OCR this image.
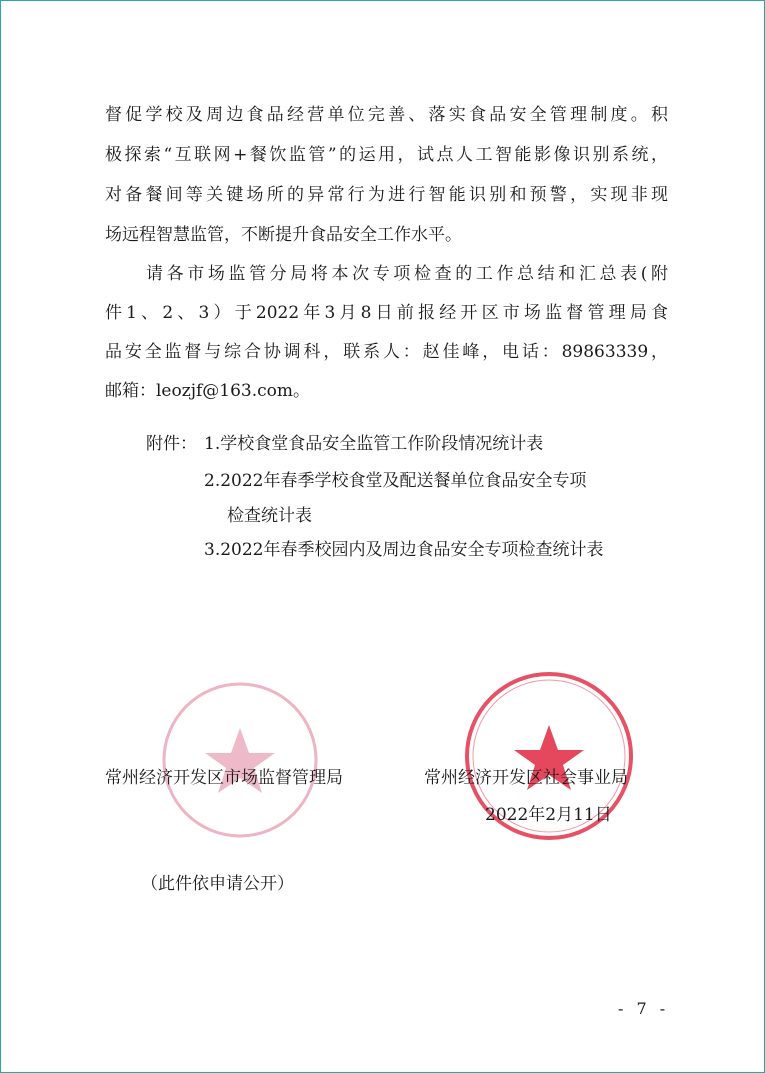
督促学校及周边食品经营单位完善、落实食品安全管理制度。积
极探索“互联网+餐饮监管”的运用，试点人工智能影像识别系统，
对备餐间等关键场所的异常行为进行智能识别和预警，实现非现
场远程智慧监管，不断提升食品安全工作水平。
请各市场监管分局将本次专项检查的工作总结和汇总表(附
件1、2、3）于2022年3月8日前报经开区市场监督管理局食
品安全监督与综合协调科，联系人：赵佳峰，电话：89863339，
邮箱：leozjf@163.com。
附件： 1.学校食堂食品安全监管工作阶段情况统计表
2.2022年春季学校食堂及配送餐单位食品安全专项
检查统计表
3.2022年春季校园内及周边食品安全专项检查统计表
常州经济开发区市场监督管理局	常州经济开发区社会事业局
2022年2月11日
（此件依申请公开）
- 7 -
